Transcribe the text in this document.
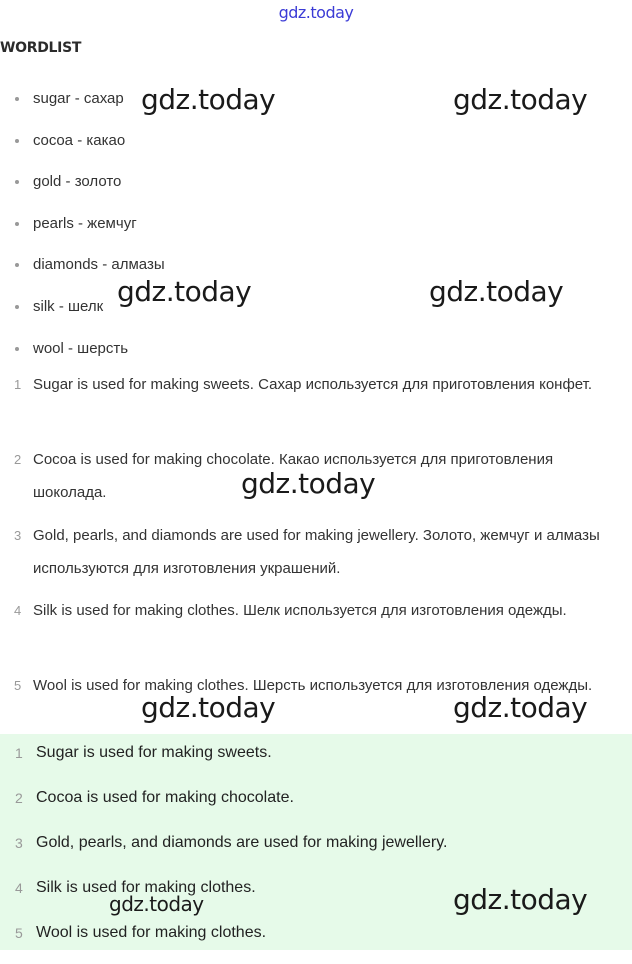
gdz.today
WORDLIST
sugar - сахар
cocoa - какао
gold - золото
pearls - жемчуг
diamonds - алмазы
silk - шелк
wool - шерсть
1 Sugar is used for making sweets. Сахар используется для приготовления конфет.
2 Cocoa is used for making chocolate. Какао используется для приготовления шоколада.
3 Gold, pearls, and diamonds are used for making jewellery. Золото, жемчуг и алмазы используются для изготовления украшений.
4 Silk is used for making clothes. Шелк используется для изготовления одежды.
5 Wool is used for making clothes. Шерсть используется для изготовления одежды.
1 Sugar is used for making sweets.
2 Cocoa is used for making chocolate.
3 Gold, pearls, and diamonds are used for making jewellery.
4 Silk is used for making clothes.
5 Wool is used for making clothes.
gdz.today	gdz.today
gdz.today	gdz.today
gdz.today
gdz.today	gdz.today
gdz.today	gdz.today
